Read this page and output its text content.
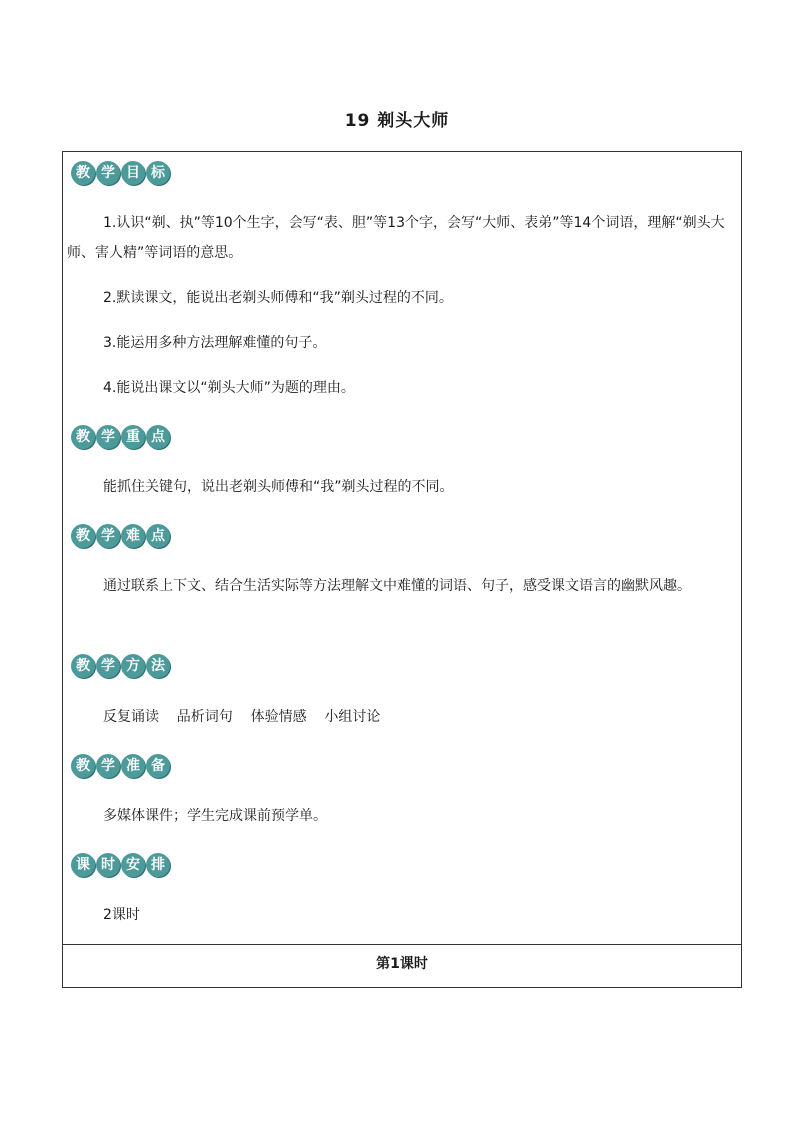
19 剃头大师
教 学 目 标

1.认识“剃、执”等10个生字，会写“表、胆”等13个字，会写“大师、表弟”等14个词语，理解“剃头大师、害人精”等词语的意思。

2.默读课文，能说出老剃头师傅和“我”剃头过程的不同。

3.能运用多种方法理解难懂的句子。

4.能说出课文以“剃头大师”为题的理由。

教 学 重 点

能抓住关键句，说出老剃头师傅和“我”剃头过程的不同。

教 学 难 点

通过联系上下文、结合生活实际等方法理解文中难懂的词语、句子，感受课文语言的幽默风趣。

教 学 方 法

反复诵读    品析词句    体验情感    小组讨论

教 学 准 备

多媒体课件；学生完成课前预学单。

课 时 安 排

2课时

第1课时
